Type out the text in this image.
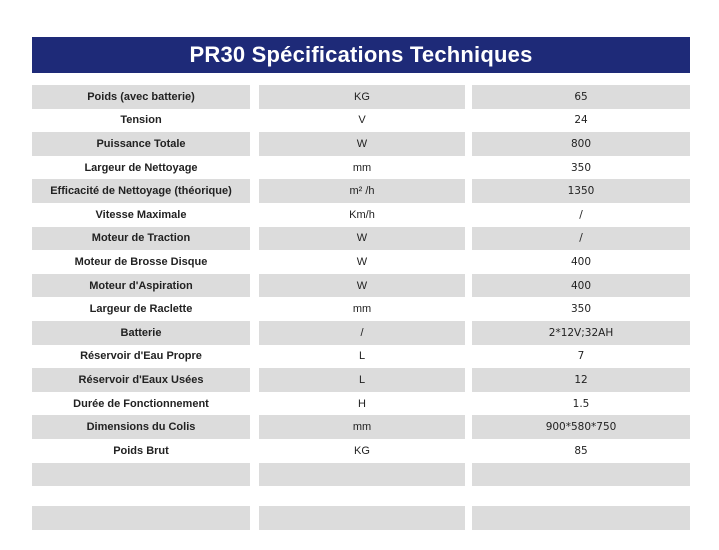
PR30 Spécifications Techniques
Poids (avec batterie)	KG	65
Tension	V	24
Puissance Totale	W	800
Largeur de Nettoyage	mm	350
Efficacité de Nettoyage (théorique)	m² /h	1350
Vitesse Maximale	Km/h	/
Moteur de Traction	W	/
Moteur de Brosse Disque	W	400
Moteur d'Aspiration	W	400
Largeur de Raclette	mm	350
Batterie	/	2*12V;32AH
Réservoir d'Eau Propre	L	7
Réservoir d'Eaux Usées	L	12
Durée de Fonctionnement	H	1.5
Dimensions du Colis	mm	900*580*750
Poids Brut	KG	85
